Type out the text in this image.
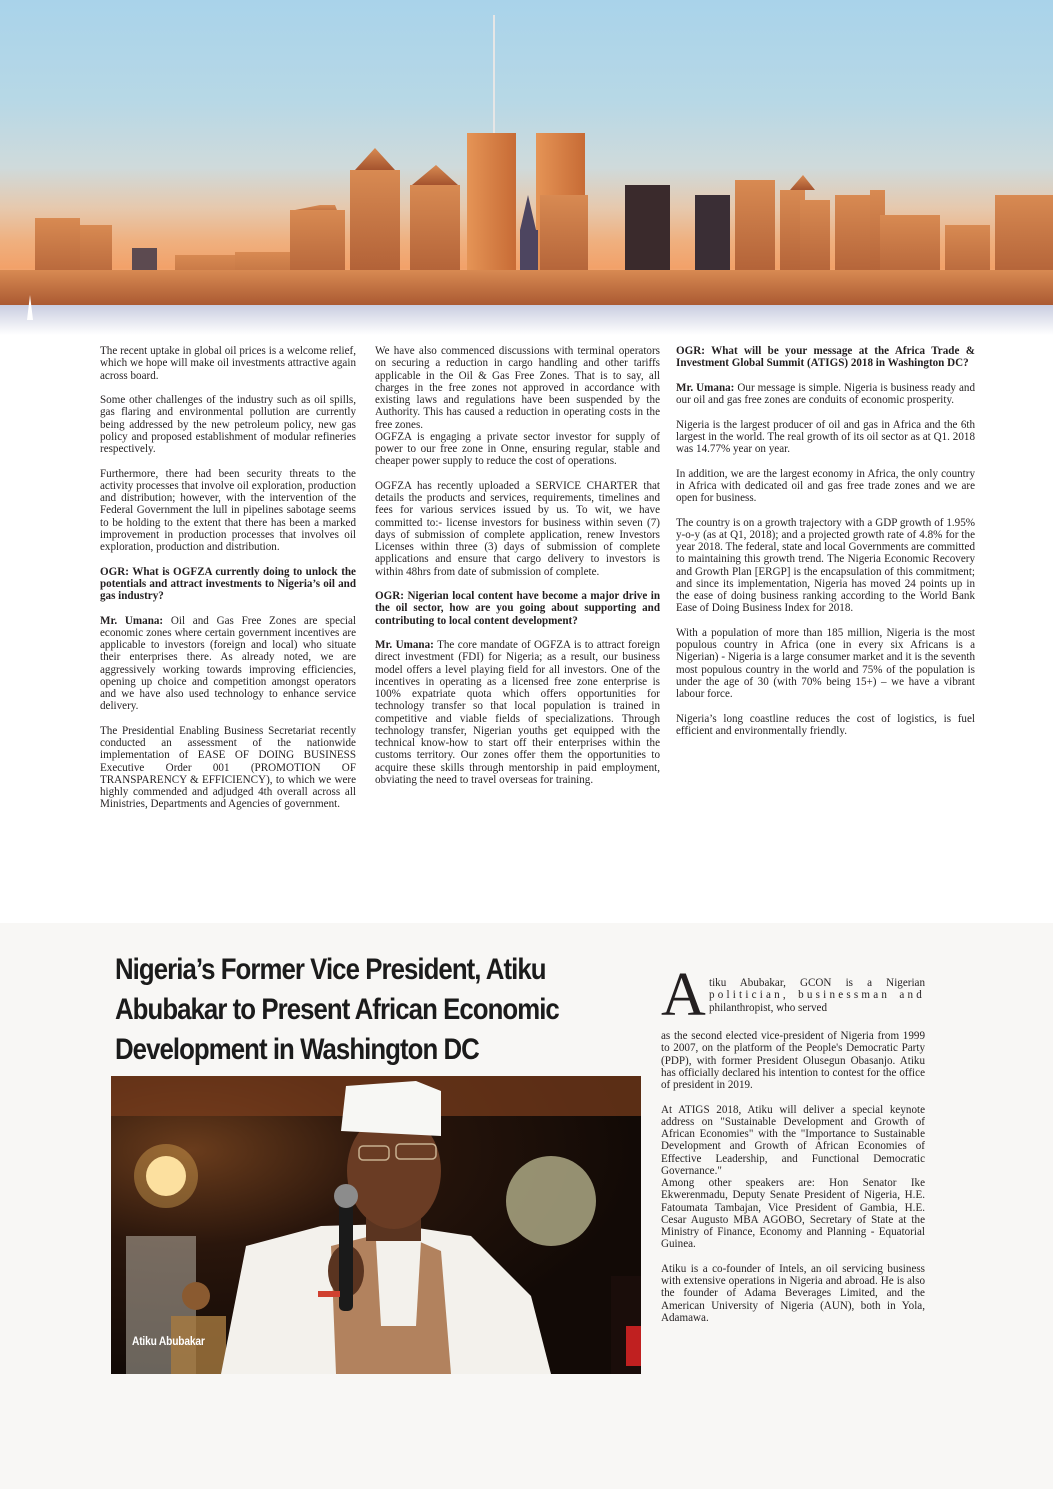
The recent uptake in global oil prices is a welcome relief, which we hope will make oil investments attractive again across board.

Some other challenges of the industry such as oil spills, gas flaring and environmental pollution are currently being addressed by the new petroleum policy, new gas policy and proposed establishment of modular refineries respectively.

Furthermore, there had been security threats to the activity processes that involve oil exploration, production and distribution; however, with the intervention of the Federal Government the lull in pipelines sabotage seems to be holding to the extent that there has been a marked improvement in production processes that involves oil exploration, production and distribution.

OGR: What is OGFZA currently doing to unlock the potentials and attract investments to Nigeria’s oil and gas industry?

Mr. Umana: Oil and Gas Free Zones are special economic zones where certain government incentives are applicable to investors (foreign and local) who situate their enterprises there. As already noted, we are aggressively working towards improving efficiencies, opening up choice and competition amongst operators and we have also used technology to enhance service delivery.

The Presidential Enabling Business Secretariat recently conducted an assessment of the nationwide implementation of EASE OF DOING BUSINESS Executive Order 001 (PROMOTION OF TRANSPARENCY & EFFICIENCY), to which we were highly commended and adjudged 4th overall across all Ministries, Departments and Agencies of government.

We have also commenced discussions with terminal operators on securing a reduction in cargo handling and other tariffs applicable in the Oil & Gas Free Zones. That is to say, all charges in the free zones not approved in accordance with existing laws and regulations have been suspended by the Authority. This has caused a reduction in operating costs in the free zones.

OGFZA is engaging a private sector investor for supply of power to our free zone in Onne, ensuring regular, stable and cheaper power supply to reduce the cost of operations.

OGFZA has recently uploaded a SERVICE CHARTER that details the products and services, requirements, timelines and fees for various services issued by us. To wit, we have committed to:- license investors for business within seven (7) days of submission of complete application, renew Investors Licenses within three (3) days of submission of complete applications and ensure that cargo delivery to investors is within 48hrs from date of submission of complete.

OGR: Nigerian local content have become a major drive in the oil sector, how are you going about supporting and contributing to local content development?

Mr. Umana: The core mandate of OGFZA is to attract foreign direct investment (FDI) for Nigeria; as a result, our business model offers a level playing field for all investors. One of the incentives in operating as a licensed free zone enterprise is 100% expatriate quota which offers opportunities for technology transfer so that local population is trained in competitive and viable fields of specializations. Through technology transfer, Nigerian youths get equipped with the technical know-how to start off their enterprises within the customs territory. Our zones offer them the opportunities to acquire these skills through mentorship in paid employment, obviating the need to travel overseas for training.

OGR: What will be your message at the Africa Trade & Investment Global Summit (ATIGS) 2018 in Washington DC?

Mr. Umana: Our message is simple. Nigeria is business ready and our oil and gas free zones are conduits of economic prosperity.

Nigeria is the largest producer of oil and gas in Africa and the 6th largest in the world. The real growth of its oil sector as at Q1. 2018 was 14.77% year on year.

In addition, we are the largest economy in Africa, the only country in Africa with dedicated oil and gas free trade zones and we are open for business.

The country is on a growth trajectory with a GDP growth of 1.95% y-o-y (as at Q1, 2018); and a projected growth rate of 4.8% for the year 2018. The federal, state and local Governments are committed to maintaining this growth trend. The Nigeria Economic Recovery and Growth Plan [ERGP] is the encapsulation of this commitment; and since its implementation, Nigeria has moved 24 points up in the ease of doing business ranking according to the World Bank Ease of Doing Business Index for 2018.

With a population of more than 185 million, Nigeria is the most populous country in Africa (one in every six Africans is a Nigerian) - Nigeria is a large consumer market and it is the seventh most populous country in the world and 75% of the population is under the age of 30 (with 70% being 15+) – we have a vibrant labour force.

Nigeria’s long coastline reduces the cost of logistics, is fuel efficient and environmentally friendly.

Nigeria’s Former Vice President, Atiku Abubakar to Present African Economic Development in Washington DC
Atiku Abubakar
A tiku Abubakar, GCON is a Nigerian
politician, businessman and
philanthropist, who served

as the second elected vice-president of Nigeria from 1999 to 2007, on the platform of the People's Democratic Party (PDP), with former President Olusegun Obasanjo. Atiku has officially declared his intention to contest for the office of president in 2019.

At ATIGS 2018, Atiku will deliver a special keynote address on "Sustainable Development and Growth of African Economies" with the "Importance to Sustainable Development and Growth of African Economies of Effective Leadership, and Functional Democratic Governance."

Among other speakers are: Hon Senator Ike Ekwerenmadu, Deputy Senate President of Nigeria, H.E. Fatoumata Tambajan, Vice President of Gambia, H.E. Cesar Augusto MBA AGOBO, Secretary of State at the Ministry of Finance, Economy and Planning - Equatorial Guinea.

Atiku is a co-founder of Intels, an oil servicing business with extensive operations in Nigeria and abroad. He is also the founder of Adama Beverages Limited, and the American University of Nigeria (AUN), both in Yola, Adamawa.
